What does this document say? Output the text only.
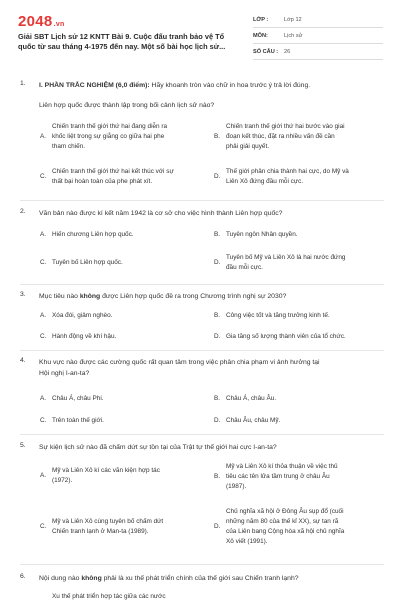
2048.vn
Giải SBT Lịch sử 12 KNTT Bài 9. Cuộc đấu tranh bảo vệ Tổ quốc từ sau tháng 4-1975 đến nay. Một số bài học lịch sử...
LỚP :	Lớp 12
MÔN:	Lịch sử
SỐ CÂU :	26
1.	I. PHẦN TRẮC NGHIỆM (6,0 điểm): Hãy khoanh tròn vào chữ in hoa trước ý trả lời đúng.
Liên hợp quốc được thành lập trong bối cảnh lịch sử nào?
A.
Chiến tranh thế giới thứ hai đang diễn ra
khốc liệt trong sự giằng co giữa hai phe
tham chiến.
B.
Chiến tranh thế giới thứ hai bước vào giai
đoạn kết thúc, đặt ra nhiều vấn đề cần
phải giải quyết.
C.
Chiến tranh thế giới thứ hai kết thúc với sự
thất bại hoàn toàn của phe phát xít.
D.
Thế giới phân chia thành hai cực, do Mỹ và
Liên Xô đứng đầu mỗi cực.
2.	Văn bản nào được kí kết năm 1942 là cơ sở cho việc hình thành Liên hợp quốc?
A. Hiến chương Liên hợp quốc.	B. Tuyên ngôn Nhân quyền.
C. Tuyên bố Liên hợp quốc.	D.
Tuyên bố Mỹ và Liên Xô là hai nước đứng
đầu mỗi cực.
3.	Mục tiêu nào không được Liên hợp quốc đề ra trong Chương trình nghị sự 2030?
A. Xóa đói, giảm nghèo.	B. Công việc tốt và tăng trưởng kinh tế.
C. Hành động về khí hậu.	D. Gia tăng số lượng thành viên của tổ chức.
4.	Khu vực nào được các cường quốc rất quan tâm trong việc phân chia phạm vi ảnh hưởng tại
Hội nghị I-an-ta?
A. Châu Á, châu Phi.	B. Châu Á, châu Âu.
C. Trên toàn thế giới.	D. Châu Âu, châu Mỹ.
5.	Sự kiện lịch sử nào đã chấm dứt sự tồn tại của Trật tự thế giới hai cực I-an-ta?
A.
Mỹ và Liên Xô kí các văn kiện hợp tác
(1972).
B.
Mỹ và Liên Xô kí thỏa thuận về việc thủ
tiêu các tên lửa tầm trung ở châu Âu
(1987).
C.
Mỹ và Liên Xô cùng tuyên bố chấm dứt
Chiến tranh lạnh ở Man-ta (1989).
D.
Chủ nghĩa xã hội ở Đông Âu sụp đổ (cuối
những năm 80 của thế kỉ XX), sự tan rã
của Liên bang Cộng hòa xã hội chủ nghĩa
Xô viết (1991).
6.	Nội dung nào không phải là xu thế phát triển chính của thế giới sau Chiến tranh lạnh?
Xu thế phát triển hợp tác giữa các nước
